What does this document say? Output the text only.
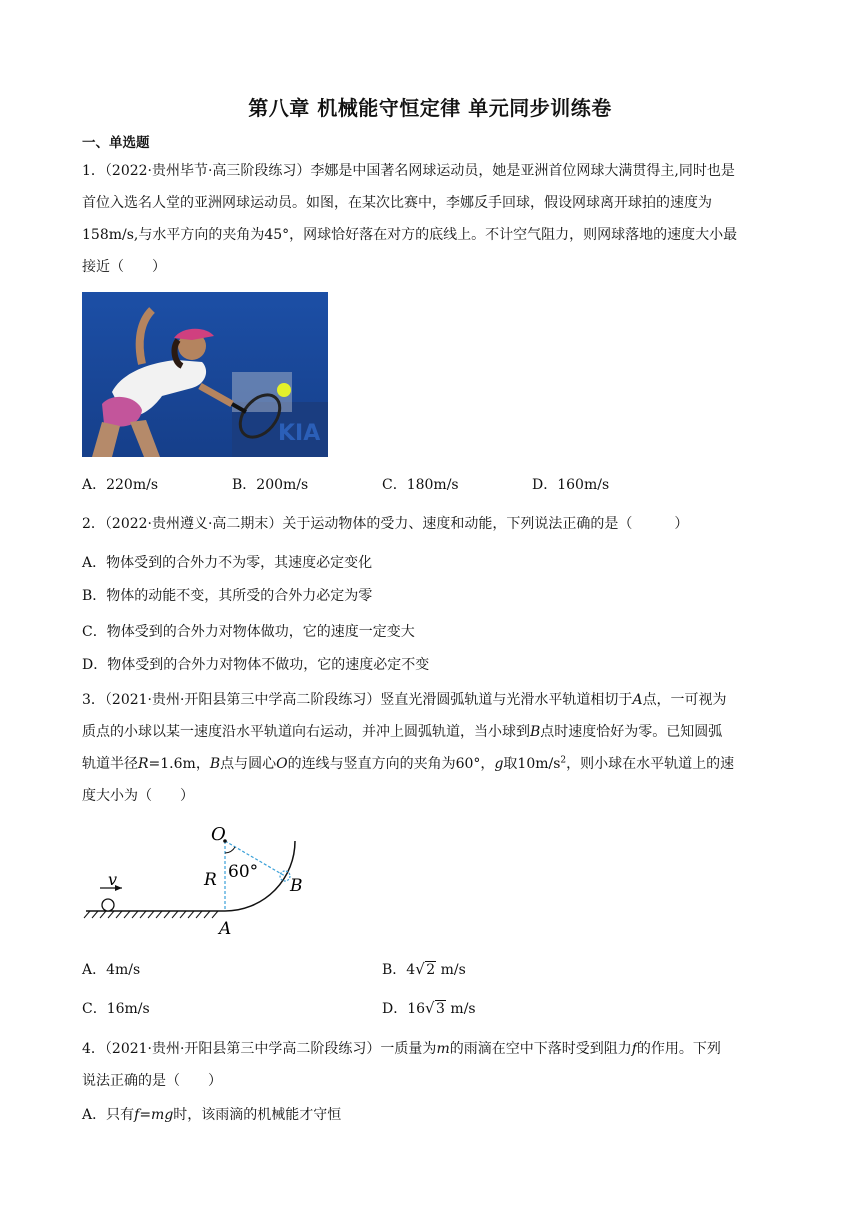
第八章 机械能守恒定律 单元同步训练卷
一、单选题
1．（2022·贵州毕节·高三阶段练习）李娜是中国著名网球运动员，她是亚洲首位网球大满贯得主,同时也是
首位入选名人堂的亚洲网球运动员。如图，在某次比赛中，李娜反手回球，假设网球离开球拍的速度为
158m/s,与水平方向的夹角为45°，网球恰好落在对方的底线上。不计空气阻力，则网球落地的速度大小最
接近（　　）
KIA
A．220m/s	B．200m/s	C．180m/s	D．160m/s
2．（2022·贵州遵义·高二期末）关于运动物体的受力、速度和动能，下列说法正确的是（　　　）
A．物体受到的合外力不为零，其速度必定变化
B．物体的动能不变，其所受的合外力必定为零
C．物体受到的合外力对物体做功，它的速度一定变大
D．物体受到的合外力对物体不做功，它的速度必定不变
3．（2021·贵州·开阳县第三中学高二阶段练习）竖直光滑圆弧轨道与光滑水平轨道相切于A点，一可视为
质点的小球以某一速度沿水平轨道向右运动，并冲上圆弧轨道，当小球到B点时速度恰好为零。已知圆弧
轨道半径R=1.6m，B点与圆心O的连线与竖直方向的夹角为60°，g取$10m/s^2$，则小球在水平轨道上的速
度大小为（　　）
v
O
R 60°
B
A
A．4m/s	B．4 √ 2 m/s
C．16m/s	D．16 √ 3 m/s
4．（2021·贵州·开阳县第三中学高二阶段练习）一质量为m的雨滴在空中下落时受到阻力f的作用。下列
说法正确的是（　　）
A．只有f=mg时，该雨滴的机械能才守恒
